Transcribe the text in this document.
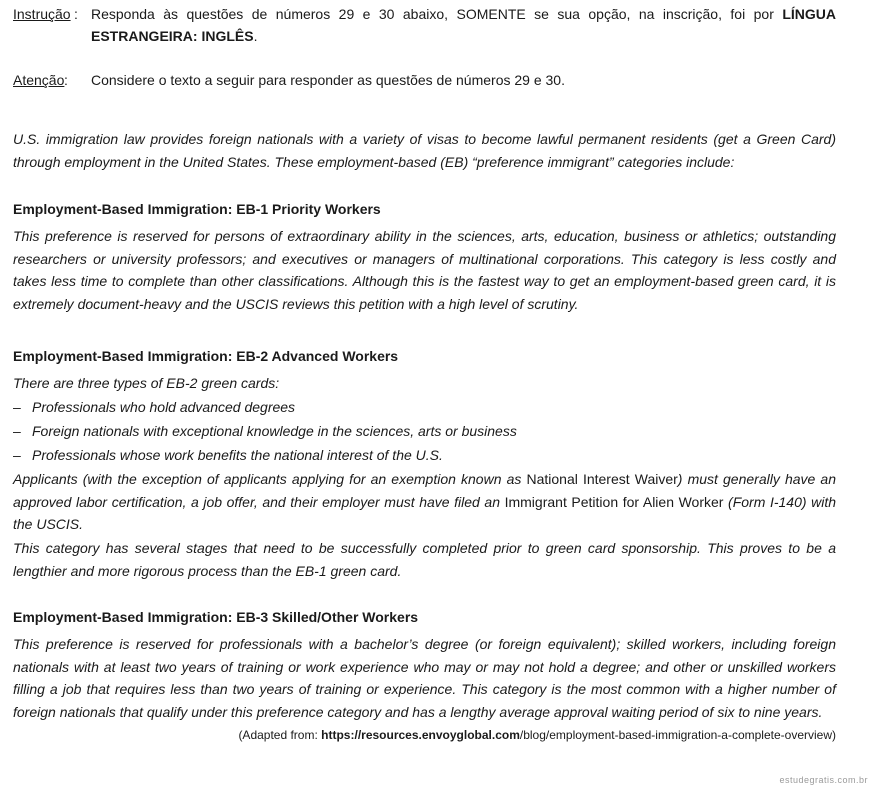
Instrução : Responda às questões de números 29 e 30 abaixo, SOMENTE se sua opção, na inscrição, foi por LÍNGUA ESTRANGEIRA: INGLÊS.
Atenção : Considere o texto a seguir para responder as questões de números 29 e 30.
U.S. immigration law provides foreign nationals with a variety of visas to become lawful permanent residents (get a Green Card) through employment in the United States. These employment-based (EB) “preference immigrant” categories include:
Employment-Based Immigration: EB-1 Priority Workers
This preference is reserved for persons of extraordinary ability in the sciences, arts, education, business or athletics; outstanding researchers or university professors; and executives or managers of multinational corporations. This category is less costly and takes less time to complete than other classifications. Although this is the fastest way to get an employment-based green card, it is extremely document-heavy and the USCIS reviews this petition with a high level of scrutiny.
Employment-Based Immigration: EB-2 Advanced Workers
There are three types of EB-2 green cards:
– Professionals who hold advanced degrees
– Foreign nationals with exceptional knowledge in the sciences, arts or business
– Professionals whose work benefits the national interest of the U.S.
Applicants (with the exception of applicants applying for an exemption known as National Interest Waiver) must generally have an approved labor certification, a job offer, and their employer must have filed an Immigrant Petition for Alien Worker (Form I-140) with the USCIS.
This category has several stages that need to be successfully completed prior to green card sponsorship. This proves to be a lengthier and more rigorous process than the EB-1 green card.
Employment-Based Immigration: EB-3 Skilled/Other Workers
This preference is reserved for professionals with a bachelor’s degree (or foreign equivalent); skilled workers, including foreign nationals with at least two years of training or work experience who may or may not hold a degree; and other or unskilled workers filling a job that requires less than two years of training or experience. This category is the most common with a higher number of foreign nationals that qualify under this preference category and has a lengthy average approval waiting period of six to nine years.
(Adapted from: https://resources.envoyglobal.com/blog/employment-based-immigration-a-complete-overview)
estudegratis.com.br
